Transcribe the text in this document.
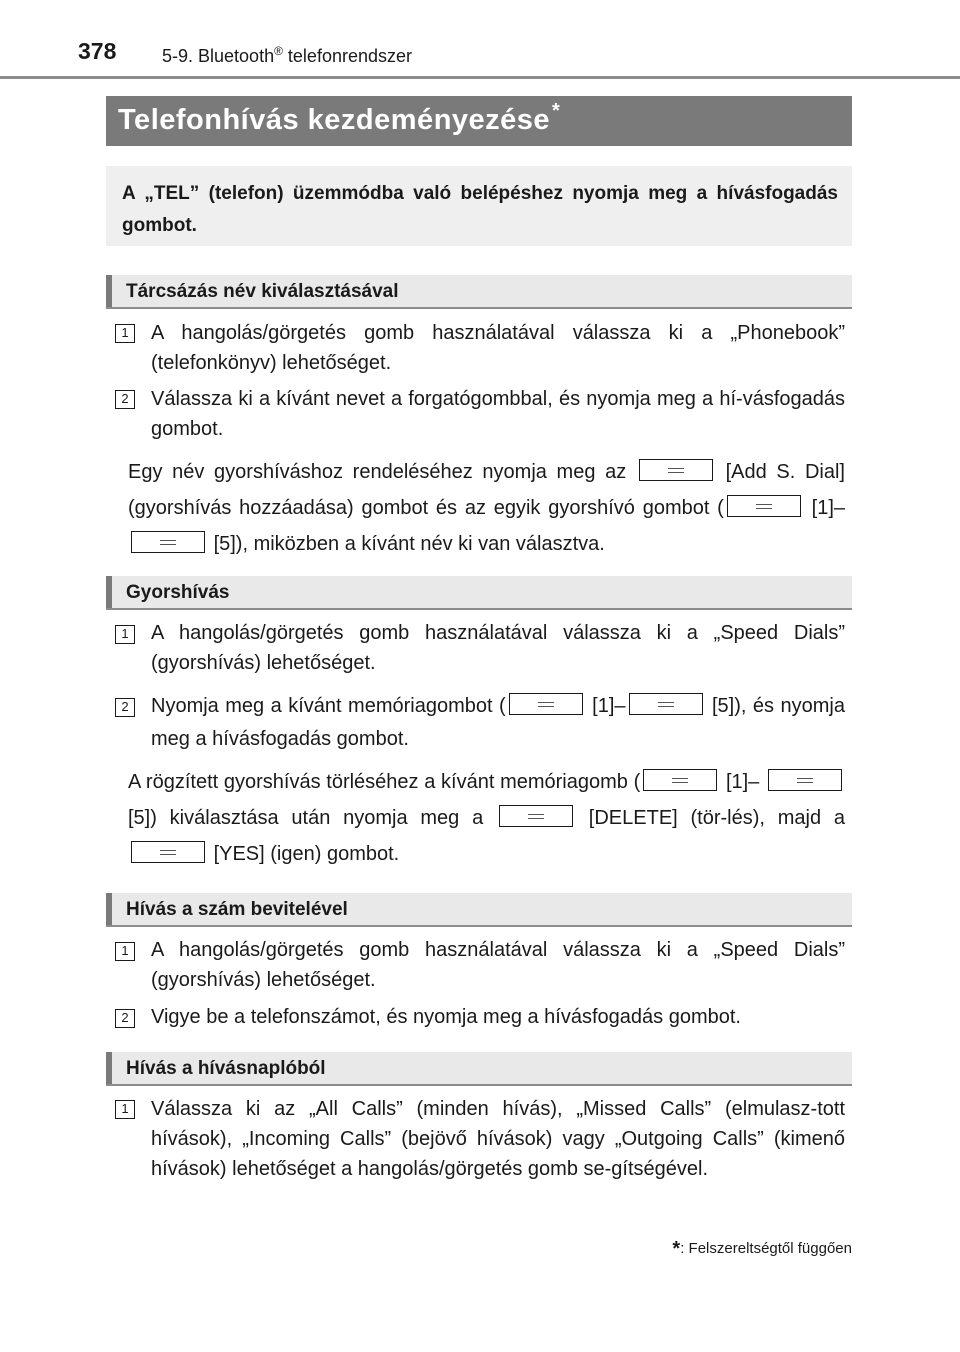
378	5-9. Bluetooth® telefonrendszer
Telefonhívás kezdeményezése *

A „TEL” (telefon) üzemmódba való belépéshez nyomja meg a hívásfogadás gombot.

Tárcsázás név kiválasztásával
1	A hangolás/görgetés gomb használatával válassza ki a „Phonebook” (telefonkönyv) lehetőséget.

2	Válassza ki a kívánt nevet a forgatógombbal, és nyomja meg a hí-vásfogadás gombot.

Egy név gyorshíváshoz rendeléséhez nyomja meg az	[Add S. Dial] (gyorshívás hozzáadása) gombot és az egyik gyorshívó gombot (	[1]– [5]), miközben a kívánt név ki van választva.

Gyorshívás
1	A hangolás/görgetés gomb használatával válassza ki a „Speed Dials” (gyorshívás) lehetőséget.

2	Nyomja meg a kívánt memóriagombot (	[1]–	[5]), és nyomja meg a hívásfogadás gombot.

A rögzített gyorshívás törléséhez a kívánt memóriagomb (	[1]–  [5]) kiválasztása után nyomja meg a	[DELETE] (tör-lés), majd a  [YES] (igen) gombot.

Hívás a szám bevitelével
1	A hangolás/görgetés gomb használatával válassza ki a „Speed Dials” (gyorshívás) lehetőséget.

2	Vigye be a telefonszámot, és nyomja meg a hívásfogadás gombot.

Hívás a hívásnaplóból
1	Válassza ki az „All Calls” (minden hívás), „Missed Calls” (elmulasz-tott hívások), „Incoming Calls” (bejövő hívások) vagy „Outgoing Calls” (kimenő hívások) lehetőséget a hangolás/görgetés gomb se-gítségével.

*: Felszereltségtől függően
